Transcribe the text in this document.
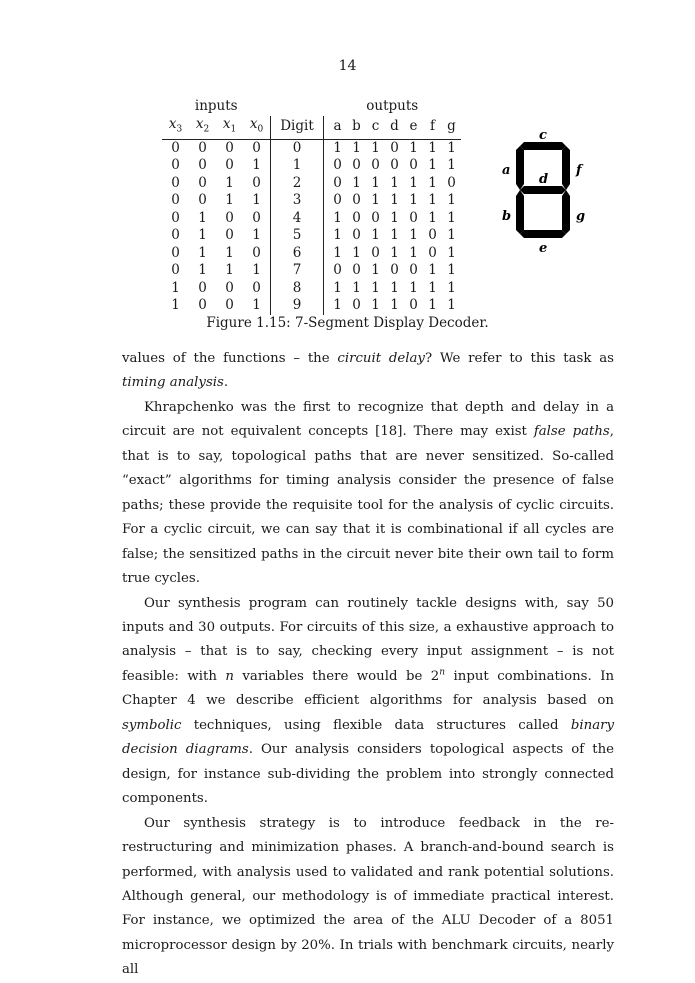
14
inputs					outputs						
$x_3$	$x_2$	$x_1$	$x_0$	Digit	a	b	c	d	e	f	g
0	0	0	0	0	1	1	1	0	1	1	1
0	0	0	1	1	0	0	0	0	0	1	1
0	0	1	0	2	0	1	1	1	1	1	0
0	0	1	1	3	0	0	1	1	1	1	1
0	1	0	0	4	1	0	0	1	0	1	1
0	1	0	1	5	1	0	1	1	1	0	1
0	1	1	0	6	1	1	0	1	1	0	1
0	1	1	1	7	0	0	1	0	0	1	1
1	0	0	0	8	1	1	1	1	1	1	1
1	0	0	1	9	1	0	1	1	0	1	1
c
a	f
d
b	g
e
Figure 1.15: 7-Segment Display Decoder.

values of the functions – the circuit delay? We refer to this task as timing analysis.

Khrapchenko was the first to recognize that depth and delay in a circuit are not equivalent concepts [18]. There may exist false paths, that is to say, topological paths that are never sensitized. So-called “exact” algorithms for timing analysis consider the presence of false paths; these provide the requisite tool for the analysis of cyclic circuits. For a cyclic circuit, we can say that it is combinational if all cycles are false; the sensitized paths in the circuit never bite their own tail to form true cycles.

Our synthesis program can routinely tackle designs with, say 50 inputs and 30 outputs. For circuits of this size, a exhaustive approach to analysis – that is to say, checking every input assignment – is not feasible: with n variables there would be 2$^n$ input combinations. In Chapter 4 we describe efficient algorithms for analysis based on symbolic techniques, using flexible data structures called binary decision diagrams. Our analysis considers topological aspects of the design, for instance sub-dividing the problem into strongly connected components.

Our synthesis strategy is to introduce feedback in the re-restructuring and minimization phases. A branch-and-bound search is performed, with analysis used to validated and rank potential solutions. Although general, our methodology is of immediate practical interest. For instance, we optimized the area of the ALU Decoder of a 8051 microprocessor design by 20%. In trials with benchmark circuits, nearly all
